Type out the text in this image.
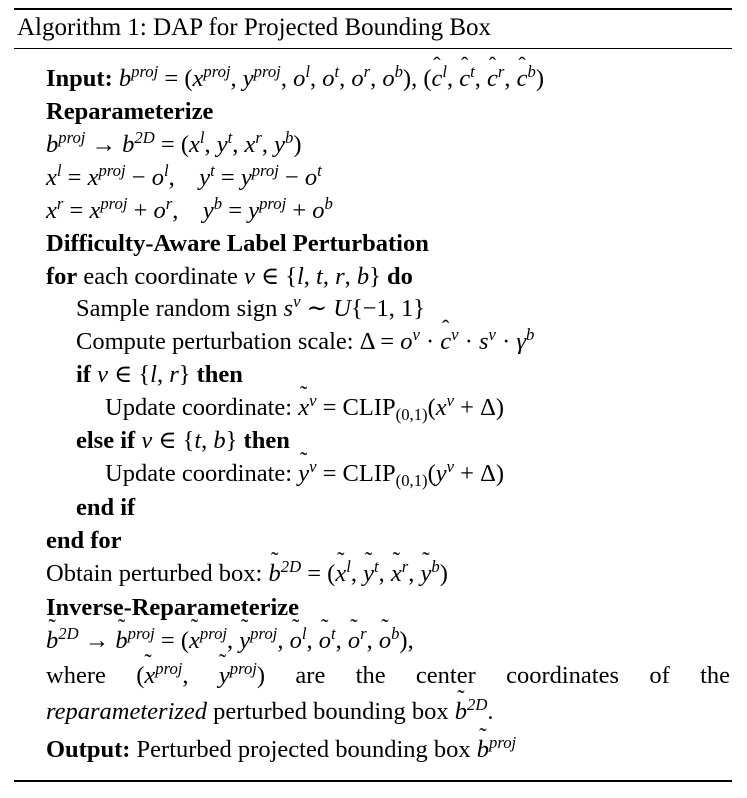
Algorithm 1: DAP for Projected Bounding Box
Input: $b^{proj} = (x^{proj}$, $y^{proj}$, $o^l$, $o^t$, $o^r$, $o^b$), (ˆ $c^l$, ˆ $c^t$, ˆ $c^r$, ˆ $c^b$)
Reparameterize
$b^{proj} \to b^{2D} = (x^l$, $y^t$, $x^r$, $y^b$)
$x^l = x^{proj} - o^l$,    $y^t = y^{proj} - o^t$
$x^r = x^{proj} + o^r$,    $y^b = y^{proj} + o^b$
Difficulty-Aware Label Perturbation
for each coordinate v ∈ {l, t, r, b} do
Sample random sign $s^v$ ∼ U{−1, 1}
Compute perturbation scale: $\Delta = o^v$ · ˆ $c^v \cdot s^v \cdot \gamma^b$
if v ∈ {l, r} then
Update coordinate: ˜ $x^v$ = $CLIP_{(0,1)}(x^v + \Delta)$
else if v ∈ {t, b} then
Update coordinate: ˜ $y^v$ = $CLIP_{(0,1)}(y^v + \Delta)$
end if
end for
Obtain perturbed box: ˜ $b^{2D}$ = (˜ $x^l$, ˜ $y^t$, ˜ $x^r$, ˜ $y^b$)
Inverse-Reparameterize
˜ $b^{2D}$ → ˜ $b^{proj}$ = (˜ $x^{proj}$, ˜ $y^{proj}$, ˜ $o^l$, ˜ $o^t$, ˜ $o^r$, ˜ $o^b$),
where (˜ $x^{proj}$, ˜ $y^{proj}$) are the center coordinates of the
reparameterized perturbed bounding box ˜ $b^{2D}$.
Output: Perturbed projected bounding box ˜ $b^{proj}$
